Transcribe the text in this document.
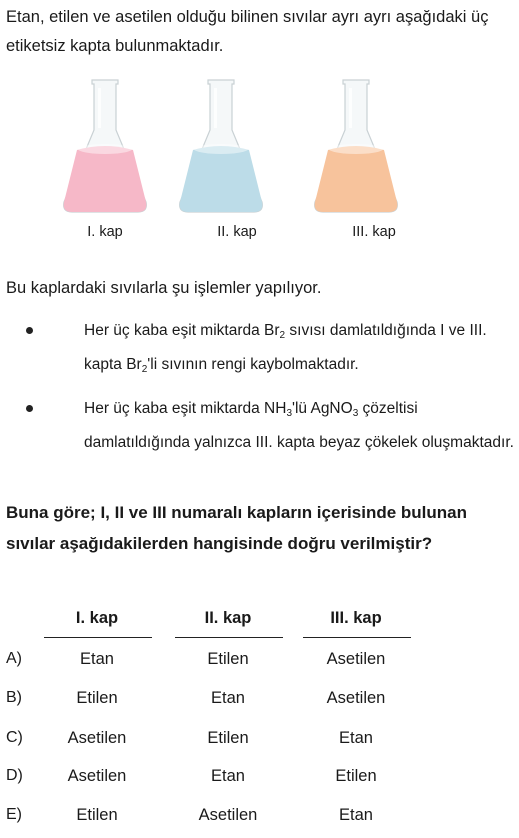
Etan, etilen ve asetilen olduğu bilinen sıvılar ayrı ayrı aşağıdaki üç etiketsiz kapta bulunmaktadır.
I. kap	II. kap	III. kap
Bu kaplardaki sıvılarla şu işlemler yapılıyor.
Her üç kaba eşit miktarda $Br_2$ sıvısı damlatıldığında I ve III. kapta $Br_2'li$ sıvının rengi kaybolmaktadır.
Her üç kaba eşit miktarda $NH_3'lü$ AgNO$_3$ çözeltisi damlatıldığında yalnızca III. kapta beyaz çökelek oluşmaktadır.
Buna göre; I, II ve III numaralı kapların içerisinde bulunan sıvılar aşağıdakilerden hangisinde doğru verilmiştir?
I. kap	II. kap	III. kap
A)	Etan	Etilen	Asetilen
B)	Etilen	Etan	Asetilen
C)	Asetilen	Etilen	Etan
D)	Asetilen	Etan	Etilen
E)	Etilen	Asetilen	Etan
